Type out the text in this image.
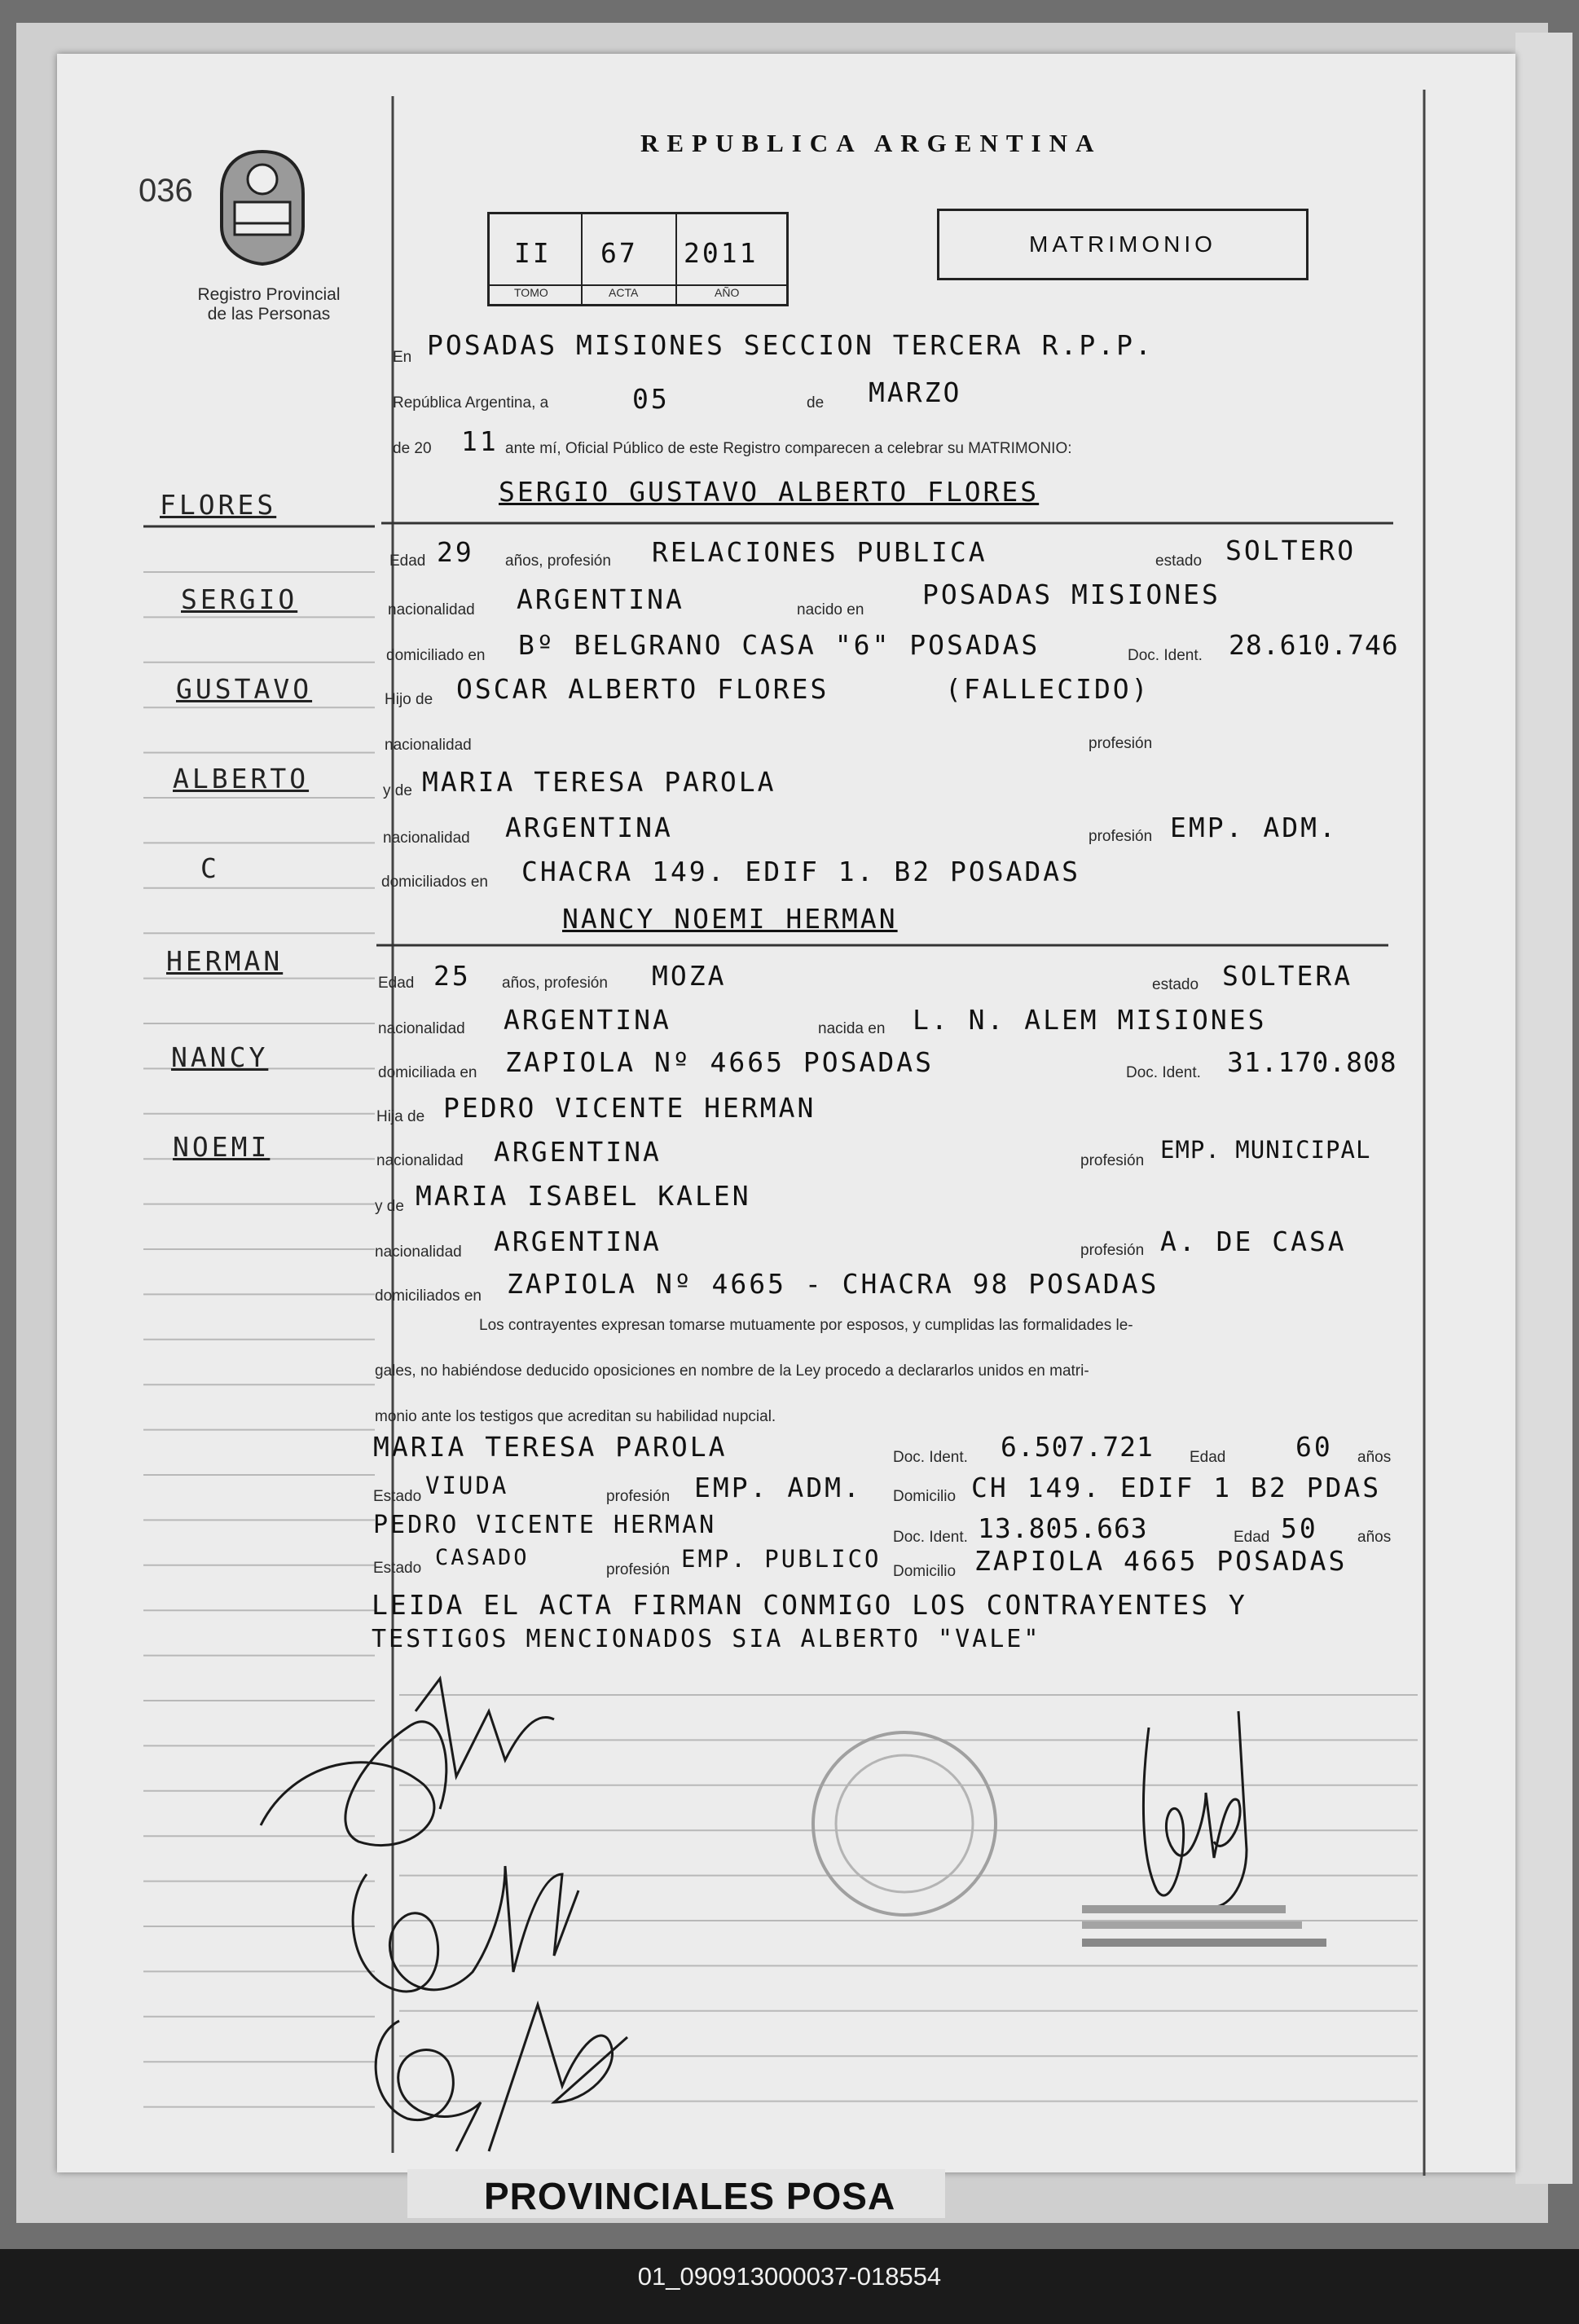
036
Registro Provincial
de las Personas
REPUBLICA ARGENTINA
II 67 2011
TOMO	ACTA	AÑO
MATRIMONIO
En POSADAS MISIONES SECCION TERCERA R.P.P.
República Argentina, a	05	de MARZO
de 20 11 ante mí, Oficial Público de este Registro comparecen a celebrar su MATRIMONIO:
SERGIO GUSTAVO ALBERTO FLORES
Edad 29 años, profesión RELACIONES PUBLICA	estado SOLTERO
nacionalidad ARGENTINA	nacido en POSADAS MISIONES
domiciliado en Bº BELGRANO CASA "6" POSADAS	Doc. Ident. 28.610.746
Hijo de OSCAR ALBERTO FLORES	(FALLECIDO)
nacionalidad	profesión
y de MARIA TERESA PAROLA
nacionalidad ARGENTINA	profesión EMP. ADM.
domiciliados en CHACRA 149. EDIF 1. B2 POSADAS
NANCY NOEMI HERMAN
Edad 25 años, profesión MOZA	estado SOLTERA
nacionalidad ARGENTINA	nacida en L. N. ALEM MISIONES
domiciliada en ZAPIOLA Nº 4665 POSADAS	Doc. Ident. 31.170.808
Hija de PEDRO VICENTE HERMAN
nacionalidad ARGENTINA	profesión EMP. MUNICIPAL
y de MARIA ISABEL KALEN
nacionalidad ARGENTINA	profesión A. DE CASA
domiciliados en ZAPIOLA Nº 4665 - CHACRA 98 POSADAS
Los contrayentes expresan tomarse mutuamente por esposos, y cumplidas las formalidades le-
gales, no habiéndose deducido oposiciones en nombre de la Ley procedo a declararlos unidos en matri-
monio ante los testigos que acreditan su habilidad nupcial.
MARIA TERESA PAROLA	Doc. Ident. 6.507.721 Edad	60 años
Estado VIUDA	profesión EMP. ADM. Domicilio CH 149. EDIF 1 B2 PDAS
PEDRO VICENTE HERMAN	Doc. Ident. 13.805.663	Edad 50	años
Estado CASADO	profesión EMP. PUBLICO Domicilio ZAPIOLA 4665 POSADAS
LEIDA EL ACTA FIRMAN CONMIGO LOS CONTRAYENTES Y
TESTIGOS MENCIONADOS SIA ALBERTO "VALE"
FLORES
SERGIO
GUSTAVO
ALBERTO
C
HERMAN
NANCY
NOEMI
PROVINCIALES POSA
01_090913000037-018554
